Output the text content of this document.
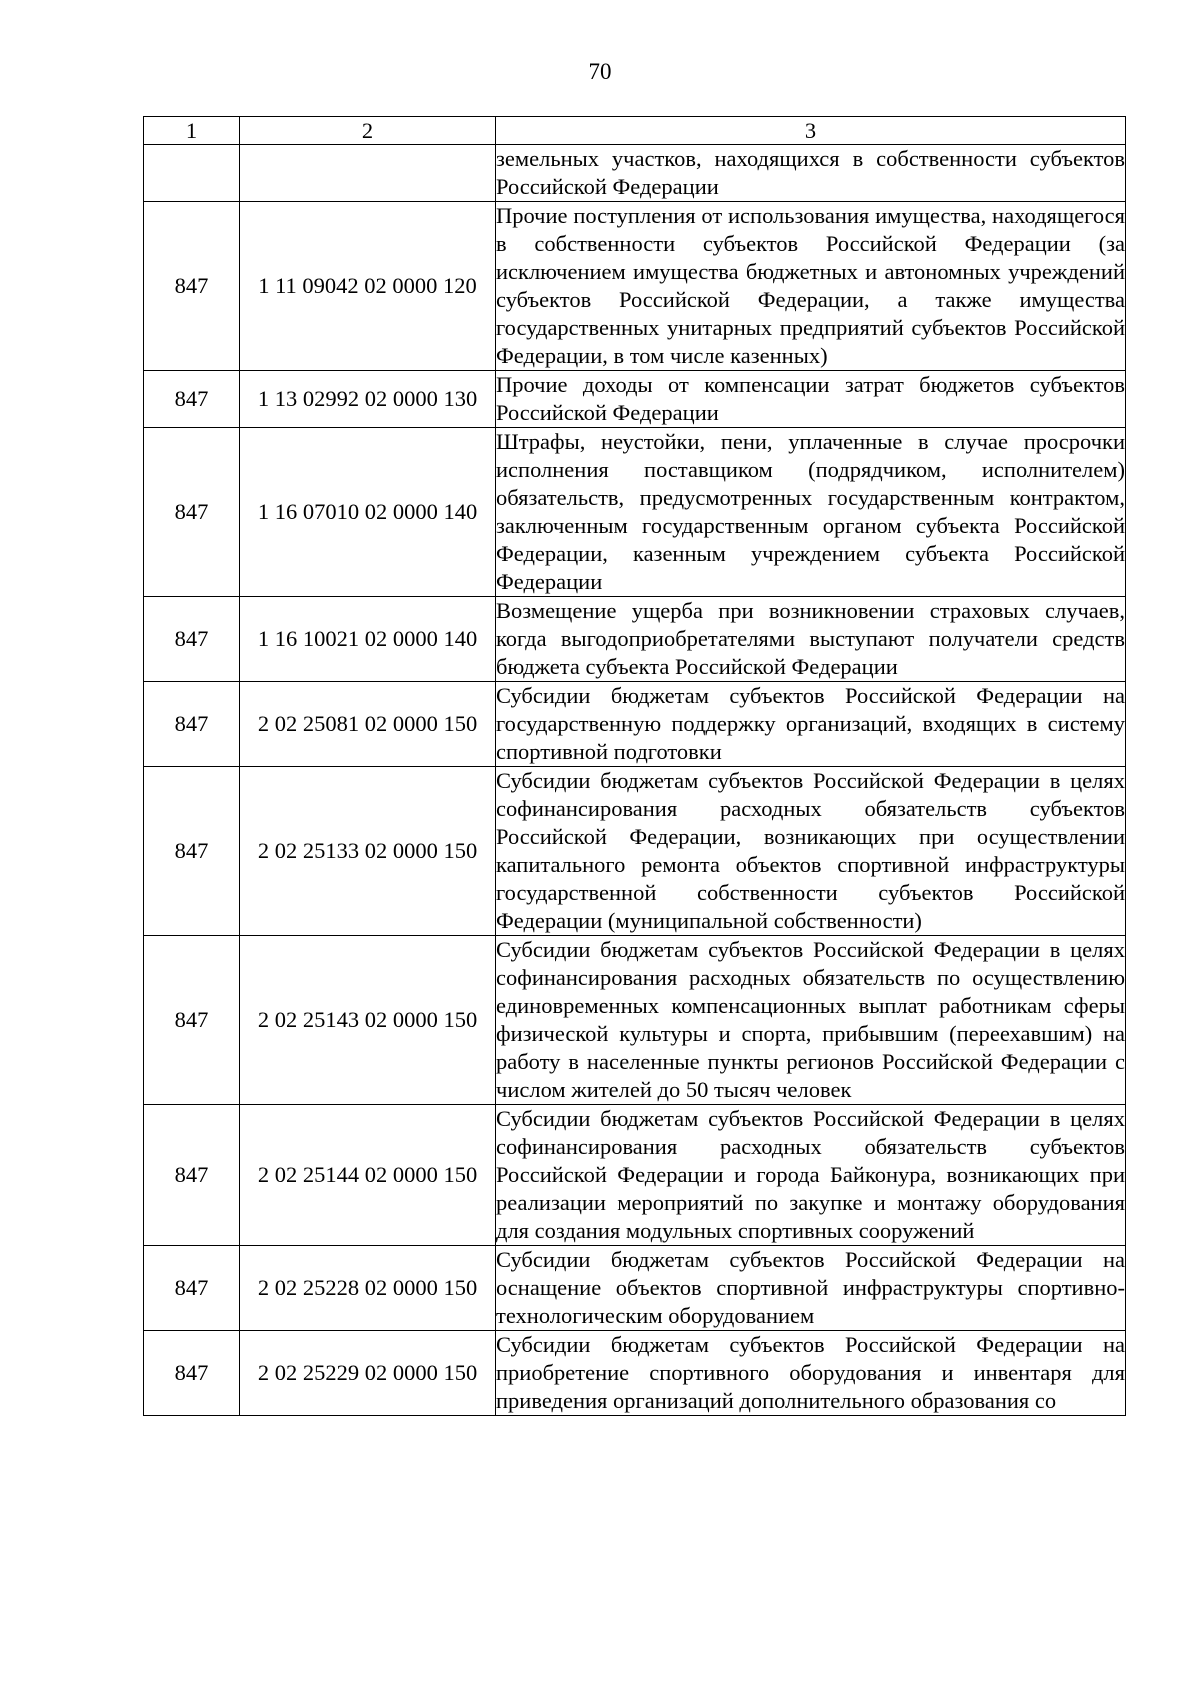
70
1	2	3
		земельных участков, находящихся в собственности субъектов Российской Федерации
847	1 11 09042 02 0000 120	Прочие поступления от использования имущества, находящегося в собственности субъектов Российской Федерации (за исключением имущества бюджетных и автономных учреждений субъектов Российской Федерации, а также имущества государственных унитарных предприятий субъектов Российской Федерации, в том числе казенных)
847	1 13 02992 02 0000 130	Прочие доходы от компенсации затрат бюджетов субъектов Российской Федерации
847	1 16 07010 02 0000 140	Штрафы, неустойки, пени, уплаченные в случае просрочки исполнения поставщиком (подрядчиком, исполнителем) обязательств, предусмотренных государственным контрактом, заключенным государственным органом субъекта Российской Федерации, казенным учреждением субъекта Российской Федерации
847	1 16 10021 02 0000 140	Возмещение ущерба при возникновении страховых случаев, когда выгодоприобретателями выступают получатели средств бюджета субъекта Российской Федерации
847	2 02 25081 02 0000 150	Субсидии бюджетам субъектов Российской Федерации на государственную поддержку организаций, входящих в систему спортивной подготовки
847	2 02 25133 02 0000 150	Субсидии бюджетам субъектов Российской Федерации в целях софинансирования расходных обязательств субъектов Российской Федерации, возникающих при осуществлении капитального ремонта объектов спортивной инфраструктуры государственной собственности субъектов Российской Федерации (муниципальной собственности)
847	2 02 25143 02 0000 150	Субсидии бюджетам субъектов Российской Федерации в целях софинансирования расходных обязательств по осуществлению единовременных компенсационных выплат работникам сферы физической культуры и спорта, прибывшим (переехавшим) на работу в населенные пункты регионов Российской Федерации с числом жителей до 50 тысяч человек
847	2 02 25144 02 0000 150	Субсидии бюджетам субъектов Российской Федерации в целях софинансирования расходных обязательств субъектов Российской Федерации и города Байконура, возникающих при реализации мероприятий по закупке и монтажу оборудования для создания модульных спортивных сооружений
847	2 02 25228 02 0000 150	Субсидии бюджетам субъектов Российской Федерации на оснащение объектов спортивной инфраструктуры спортивно-технологическим оборудованием
847	2 02 25229 02 0000 150	Субсидии бюджетам субъектов Российской Федерации на приобретение спортивного оборудования и инвентаря для приведения организаций дополнительного образования со
